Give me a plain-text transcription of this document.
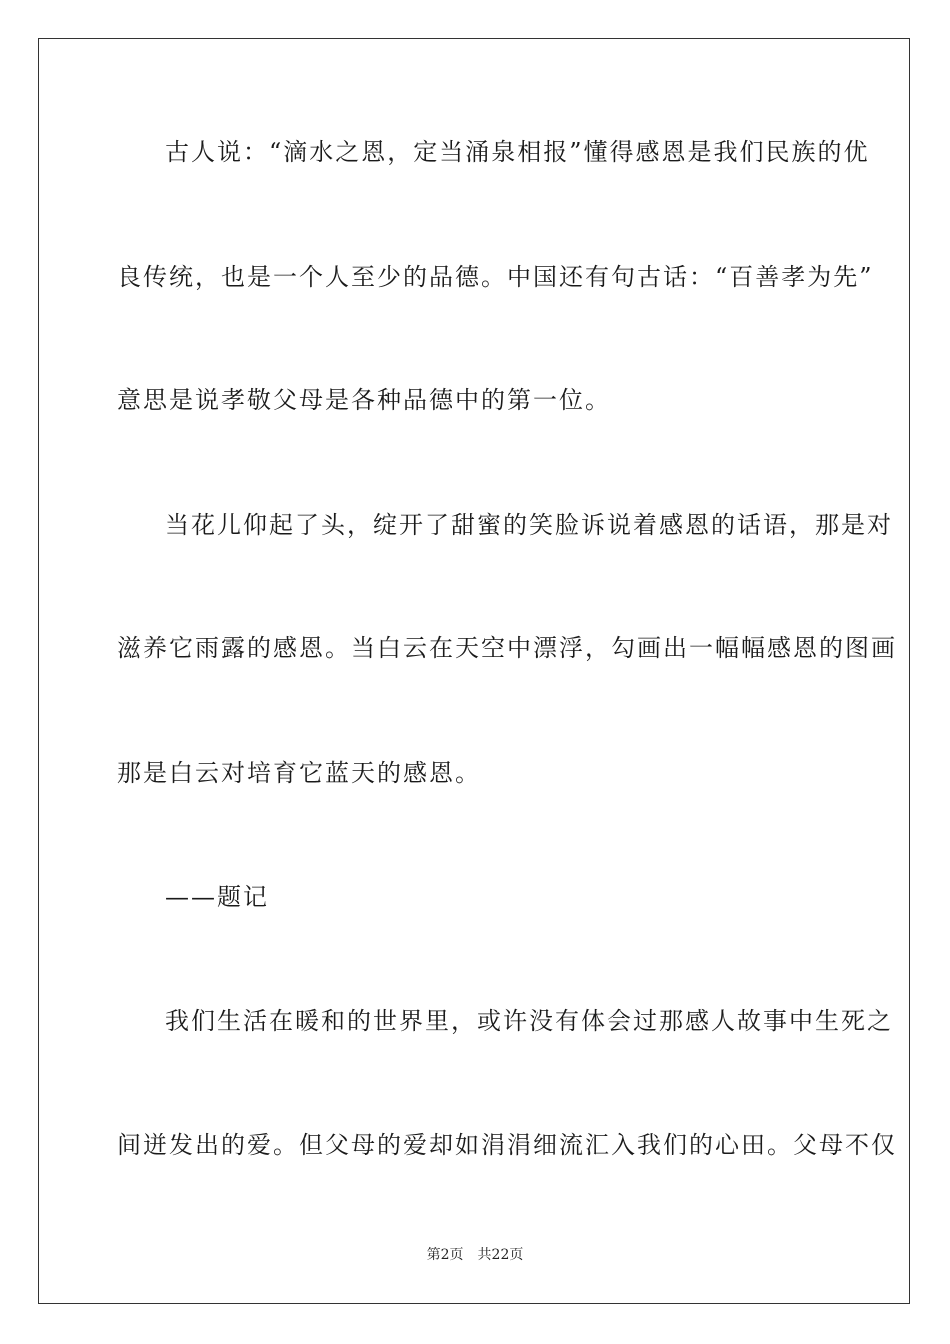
古人说：“滴水之恩，定当涌泉相报”懂得感恩是我们民族的优
良传统，也是一个人至少的品德。中国还有句古话：“百善孝为先”
意思是说孝敬父母是各种品德中的第一位。
当花儿仰起了头，绽开了甜蜜的笑脸诉说着感恩的话语，那是对
滋养它雨露的感恩。当白云在天空中漂浮，勾画出一幅幅感恩的图画
那是白云对培育它蓝天的感恩。
——题记
我们生活在暖和的世界里，或许没有体会过那感人故事中生死之
间迸发出的爱。但父母的爱却如涓涓细流汇入我们的心田。父母不仅
第2页 共22页
